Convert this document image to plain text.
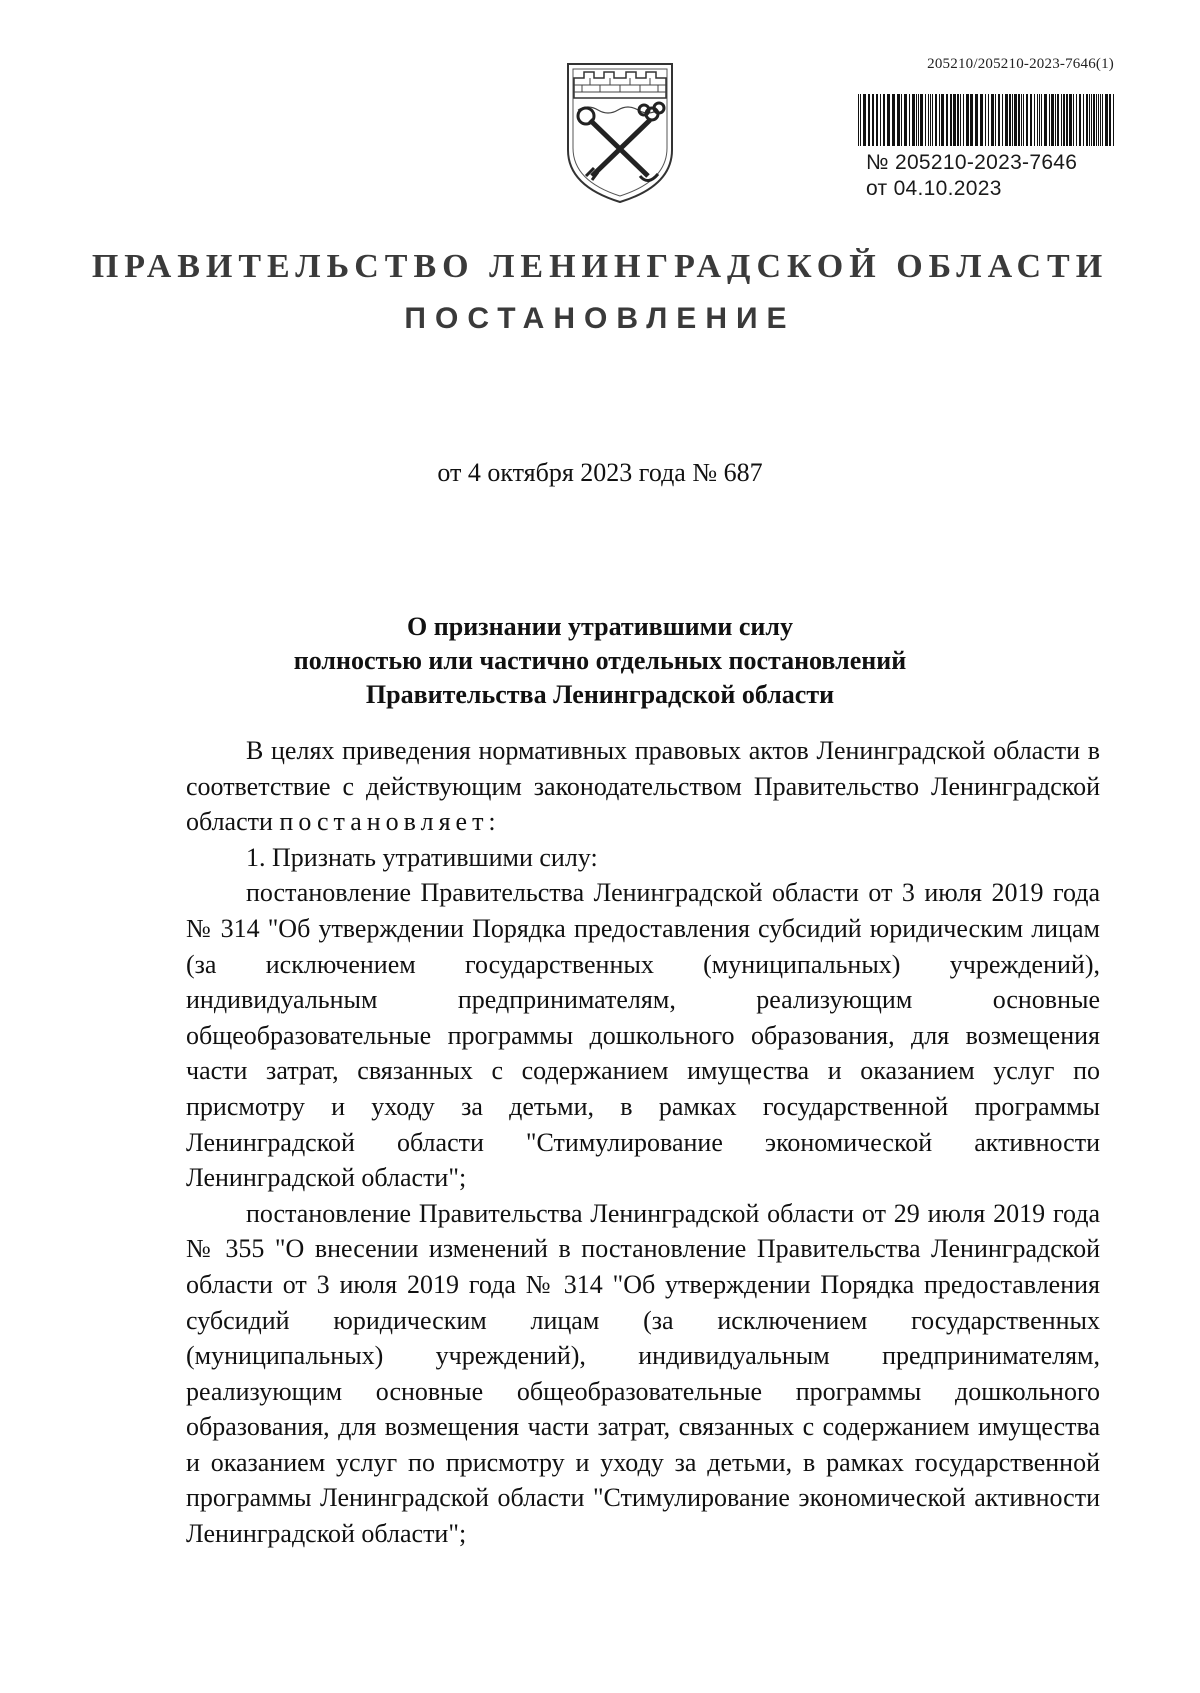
205210/205210-2023-7646(1)
№ 205210-2023-7646
от 04.10.2023
ПРАВИТЕЛЬСТВО ЛЕНИНГРАДСКОЙ ОБЛАСТИ
ПОСТАНОВЛЕНИЕ
от 4 октября 2023 года № 687
О признании утратившими силу
полностью или частично отдельных постановлений
Правительства Ленинградской области

В целях приведения нормативных правовых актов Ленинградской области в соответствие с действующим законодательством Правительство Ленинградской области постановляет:

1. Признать утратившими силу:

постановление Правительства Ленинградской области от 3 июля 2019 года № 314 "Об утверждении Порядка предоставления субсидий юридическим лицам (за исключением государственных (муниципальных) учреждений), индивидуальным предпринимателям, реализующим основные общеобразовательные программы дошкольного образования, для возмещения части затрат, связанных с содержанием имущества и оказанием услуг по присмотру и уходу за детьми, в рамках государственной программы Ленинградской области "Стимулирование экономической активности Ленинградской области";

постановление Правительства Ленинградской области от 29 июля 2019 года № 355 "О внесении изменений в постановление Правительства Ленинградской области от 3 июля 2019 года № 314 "Об утверждении Порядка предоставления субсидий юридическим лицам (за исключением государственных (муниципальных) учреждений), индивидуальным предпринимателям, реализующим основные общеобразовательные программы дошкольного образования, для возмещения части затрат, связанных с содержанием имущества и оказанием услуг по присмотру и уходу за детьми, в рамках государственной программы Ленинградской области "Стимулирование экономической активности Ленинградской области";
